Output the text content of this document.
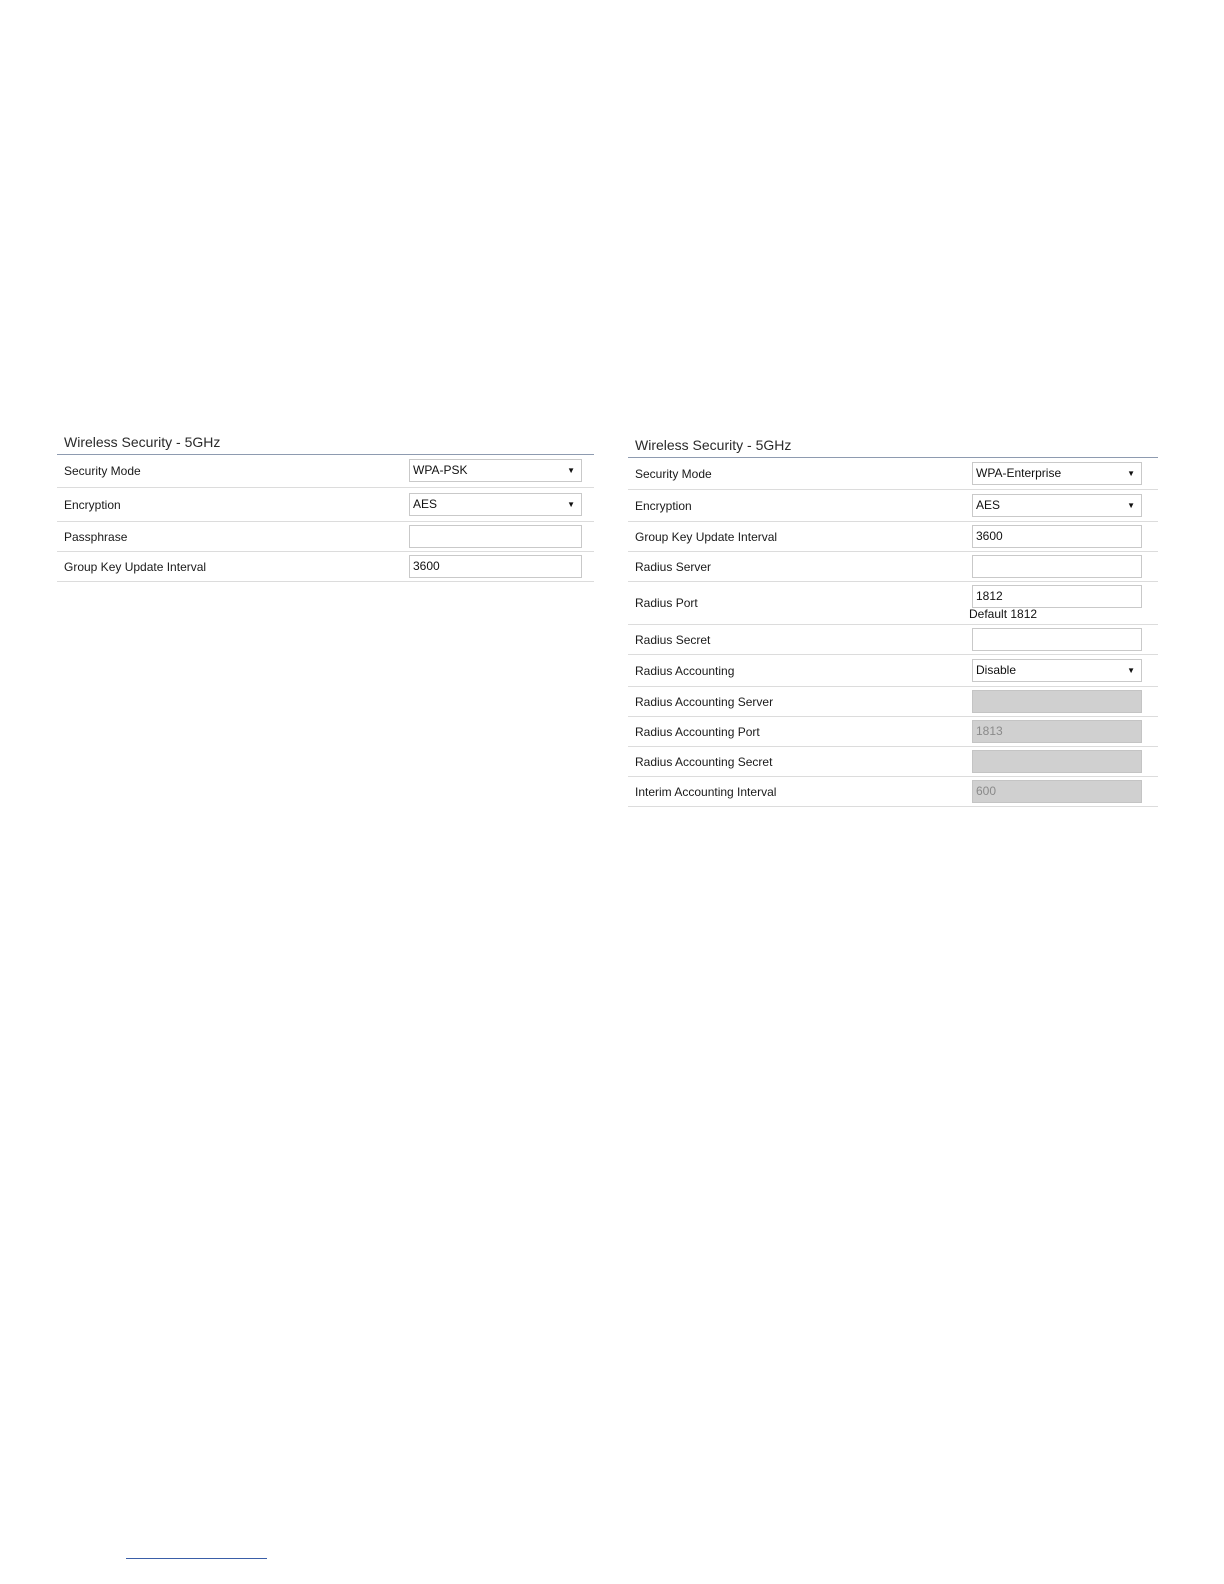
Wireless Security - 5GHz
Security Mode	WPA-PSK	▼
Encryption	AES	▼
Passphrase
Group Key Update Interval	3600
Wireless Security - 5GHz
Security Mode	WPA-Enterprise	▼
Encryption	AES	▼
Group Key Update Interval	3600
Radius Server
Radius Port	1812
Default 1812
Radius Secret
Radius Accounting	Disable	▼
Radius Accounting Server
Radius Accounting Port	1813
Radius Accounting Secret
Interim Accounting Interval	600
